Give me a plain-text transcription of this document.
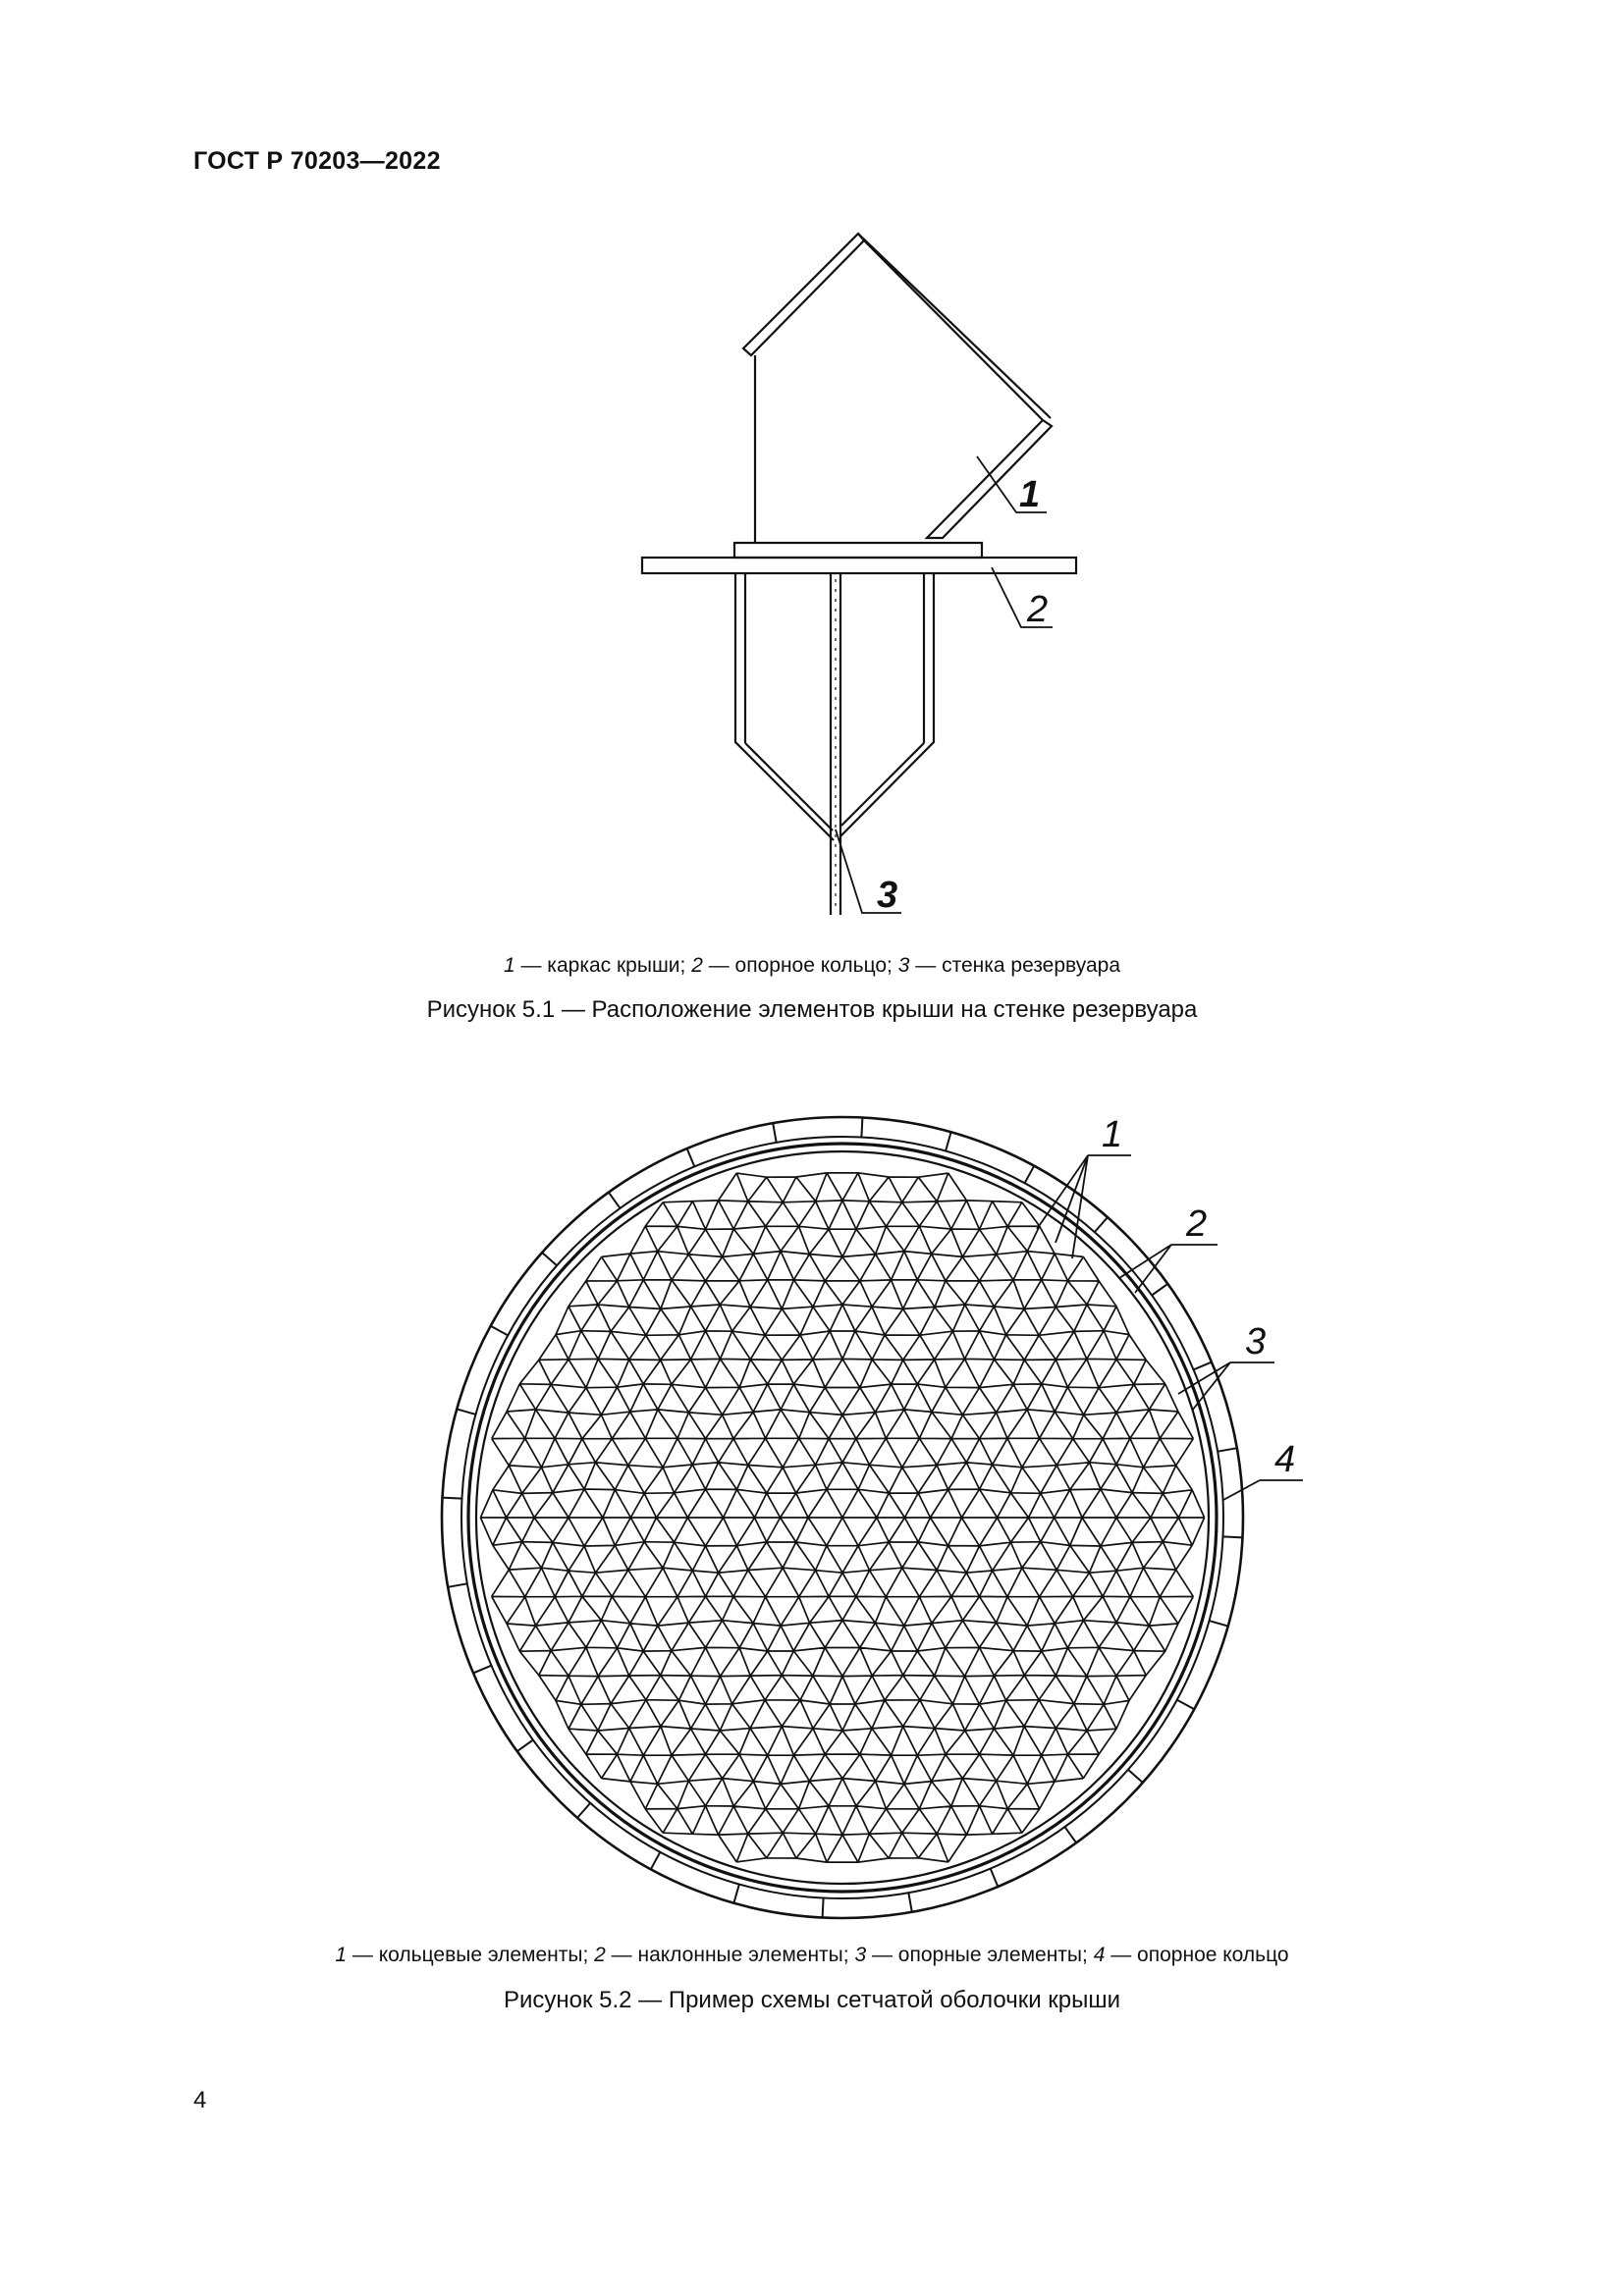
ГОСТ Р 70203—2022
1
2
3
1 — каркас крыши; 2 — опорное кольцо; 3 — стенка резервуара
Рисунок 5.1 — Расположение элементов крыши на стенке резервуара
1
2
3
4
1 — кольцевые элементы; 2 — наклонные элементы; 3 — опорные элементы; 4 — опорное кольцо
Рисунок 5.2 — Пример схемы сетчатой оболочки крыши
4
